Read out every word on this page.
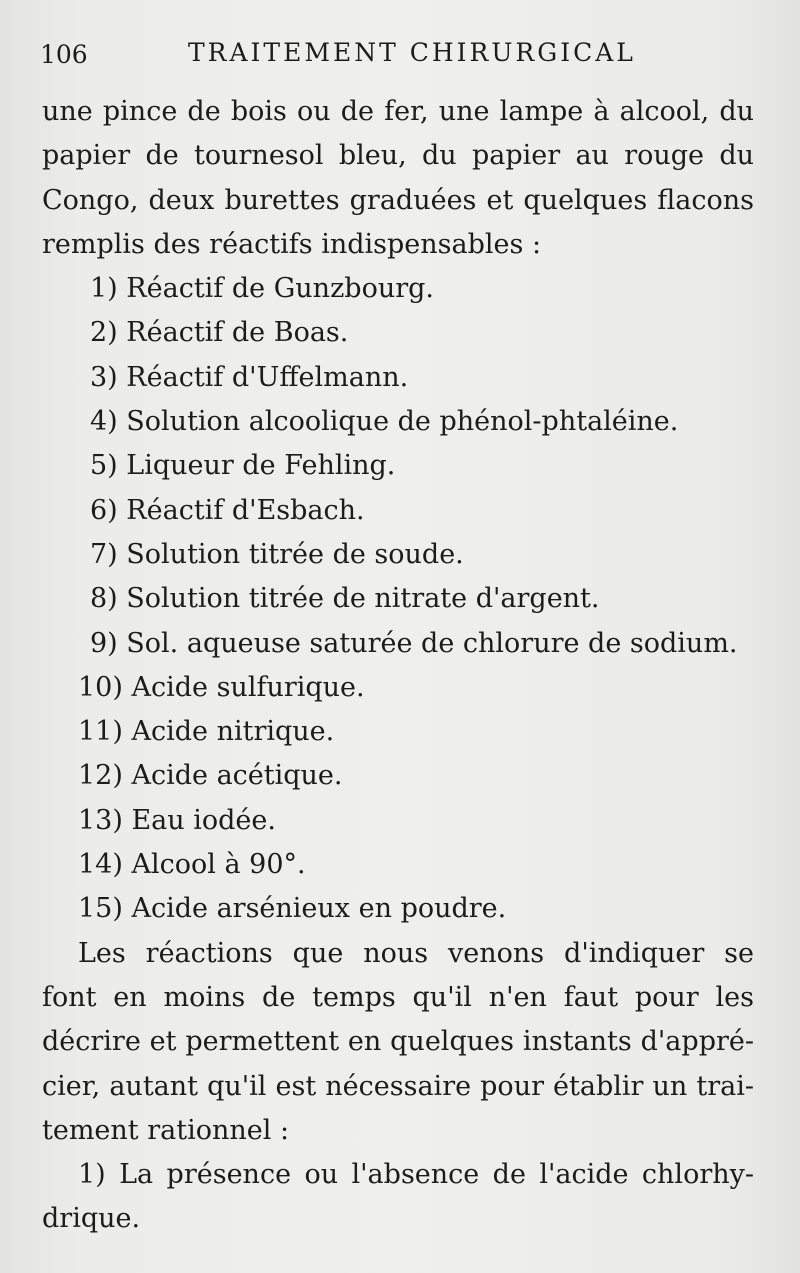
106	TRAITEMENT CHIRURGICAL
une pince de bois ou de fer, une lampe à alcool, du
papier de tournesol bleu, du papier au rouge du
Congo, deux burettes graduées et quelques flacons
remplis des réactifs indispensables :
1) Réactif de Gunzbourg.
2) Réactif de Boas.
3) Réactif d'Uffelmann.
4) Solution alcoolique de phénol-phtaléine.
5) Liqueur de Fehling.
6) Réactif d'Esbach.
7) Solution titrée de soude.
8) Solution titrée de nitrate d'argent.
9) Sol. aqueuse saturée de chlorure de sodium.
10) Acide sulfurique.
11) Acide nitrique.
12) Acide acétique.
13) Eau iodée.
14) Alcool à 90°.
15) Acide arsénieux en poudre.
Les réactions que nous venons d'indiquer se
font en moins de temps qu'il n'en faut pour les
décrire et permettent en quelques instants d'appré-
cier, autant qu'il est nécessaire pour établir un trai-
tement rationnel :
1) La présence ou l'absence de l'acide chlorhy-
drique.
